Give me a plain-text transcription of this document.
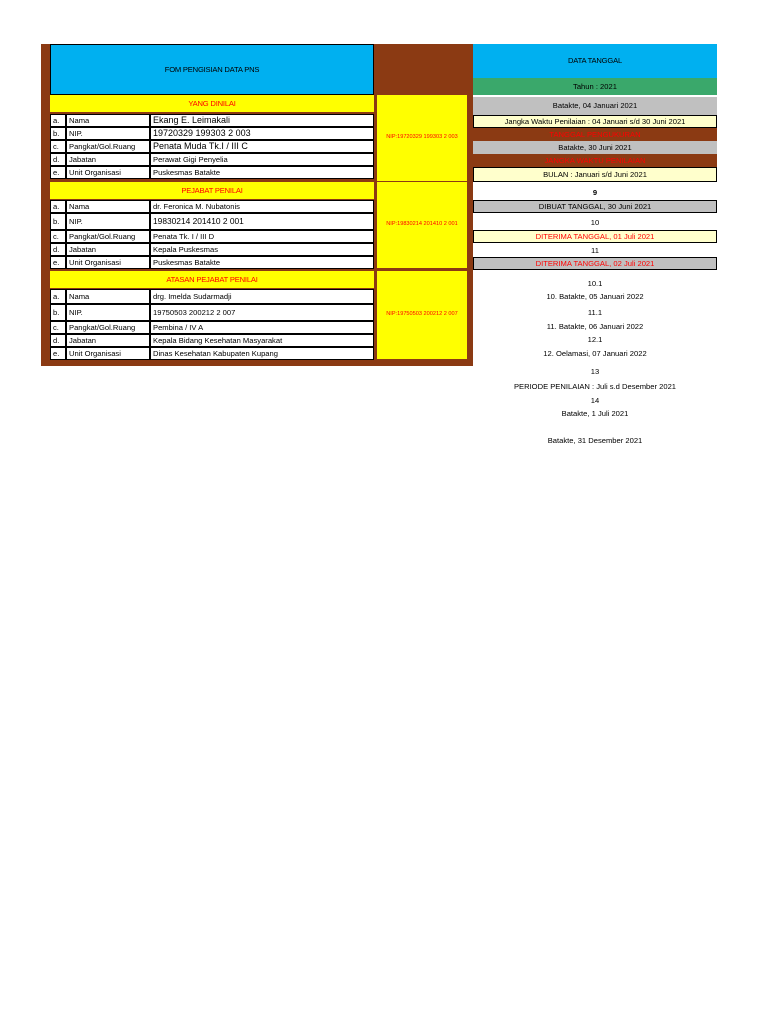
FOM PENGISIAN DATA PNS
YANG DINILAI
NIP:19720329 199303 2 003
a.	Nama	Ekang E. Leimakali
b.	NIP.	19720329 199303 2 003
c.	Pangkat/Gol.Ruang	Penata Muda Tk.I / III C
d.	Jabatan	Perawat Gigi Penyelia
e.	Unit Organisasi	Puskesmas Batakte
PEJABAT PENILAI
NIP:19830214 201410 2 001
a.	Nama	dr. Feronica M. Nubatonis
b.	NIP.	19830214 201410 2 001
c.	Pangkat/Gol.Ruang	Penata Tk. I / III D
d.	Jabatan	Kepala Puskesmas
e.	Unit Organisasi	Puskesmas Batakte
ATASAN PEJABAT PENILAI
NIP:19750503 200212 2 007
a.	Nama	drg. Imelda Sudarmadji
b.	NIP.	19750503 200212 2 007
c.	Pangkat/Gol.Ruang	Pembina / IV A
d.	Jabatan	Kepala Bidang Kesehatan Masyarakat
e.	Unit Organisasi	Dinas Kesehatan Kabupaten Kupang
DATA TANGGAL
Tahun : 2021
Batakte, 04 Januari 2021
Jangka Waktu Penilaian : 04 Januari s/d 30 Juni 2021
TANGGAL PENGUKURAN
Batakte, 30 Juni 2021
JANGKA WAKTU PENILAIAN
BULAN : Januari s/d Juni 2021
9
DIBUAT TANGGAL, 30 Juni 2021
10
DITERIMA TANGGAL, 01 Juli 2021
11
DITERIMA TANGGAL, 02 Juli 2021
10.1
10. Batakte, 05 Januari 2022
11.1
11. Batakte, 06 Januari 2022
12.1
12. Oelamasi, 07 Januari 2022
13
PERIODE PENILAIAN : Juli s.d Desember 2021
14
Batakte, 1 Juli 2021
Batakte, 31 Desember 2021
